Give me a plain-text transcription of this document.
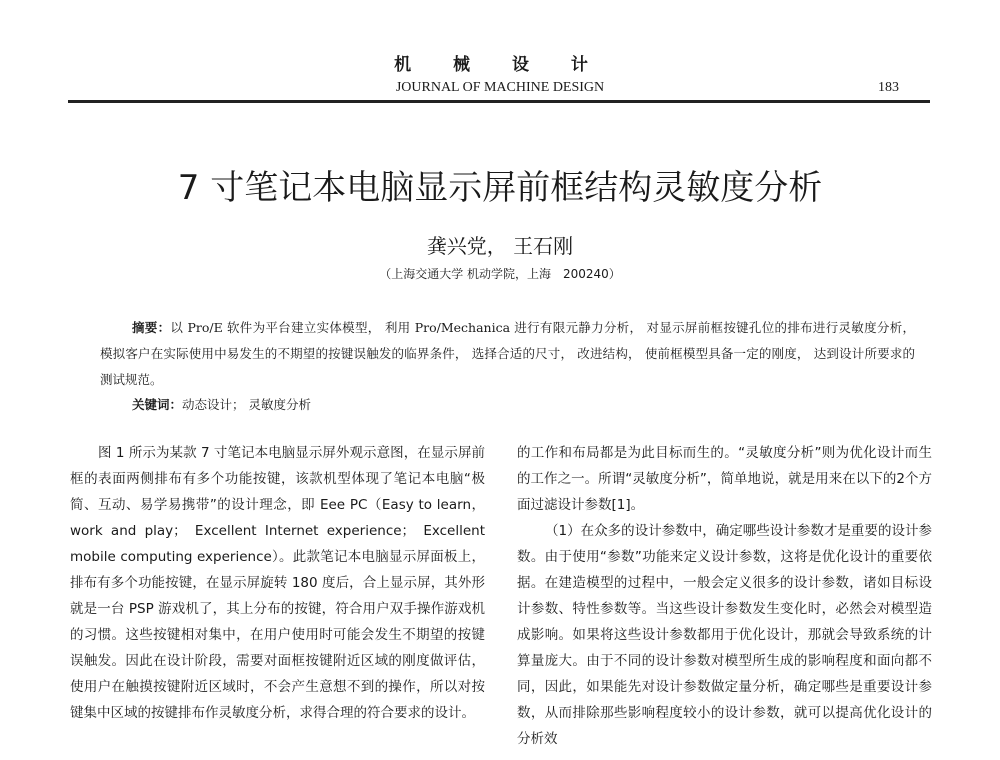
机 械 设 计
JOURNAL OF MACHINE DESIGN	183
7 寸笔记本电脑显示屏前框结构灵敏度分析
龚兴党， 王石刚
（上海交通大学 机动学院，上海　200240）
摘要：以 Pro/E 软件为平台建立实体模型， 利用 Pro/Mechanica 进行有限元静力分析， 对显示屏前框按键孔位的排布进行灵敏度分析， 模拟客户在实际使用中易发生的不期望的按键误触发的临界条件， 选择合适的尺寸， 改进结构， 使前框模型具备一定的刚度， 达到设计所要求的测试规范。
关键词：动态设计； 灵敏度分析

图 1 所示为某款 7 寸笔记本电脑显示屏外观示意图，在显示屏前框的表面两侧排布有多个功能按键，该款机型体现了笔记本电脑“极简、互动、易学易携带”的设计理念，即 Eee PC（Easy to learn， work and play； Excellent Internet experience； Excellent mobile computing experience）。此款笔记本电脑显示屏面板上，排布有多个功能按键，在显示屏旋转 180 度后，合上显示屏，其外形就是一台 PSP 游戏机了，其上分布的按键，符合用户双手操作游戏机的习惯。这些按键相对集中，在用户使用时可能会发生不期望的按键误触发。因此在设计阶段，需要对面框按键附近区域的刚度做评估，使用户在触摸按键附近区域时，不会产生意想不到的操作，所以对按键集中区域的按键排布作灵敏度分析，求得合理的符合要求的设计。

的工作和布局都是为此目标而生的。“灵敏度分析”则为优化设计而生的工作之一。所谓“灵敏度分析”，简单地说，就是用来在以下的2个方面过滤设计参数[1]。

（1）在众多的设计参数中，确定哪些设计参数才是重要的设计参数。由于使用“参数”功能来定义设计参数，这将是优化设计的重要依据。在建造模型的过程中，一般会定义很多的设计参数，诸如目标设计参数、特性参数等。当这些设计参数发生变化时，必然会对模型造成影响。如果将这些设计参数都用于优化设计，那就会导致系统的计算量庞大。由于不同的设计参数对模型所生成的影响程度和面向都不同，因此，如果能先对设计参数做定量分析，确定哪些是重要设计参数，从而排除那些影响程度较小的设计参数，就可以提高优化设计的分析效
